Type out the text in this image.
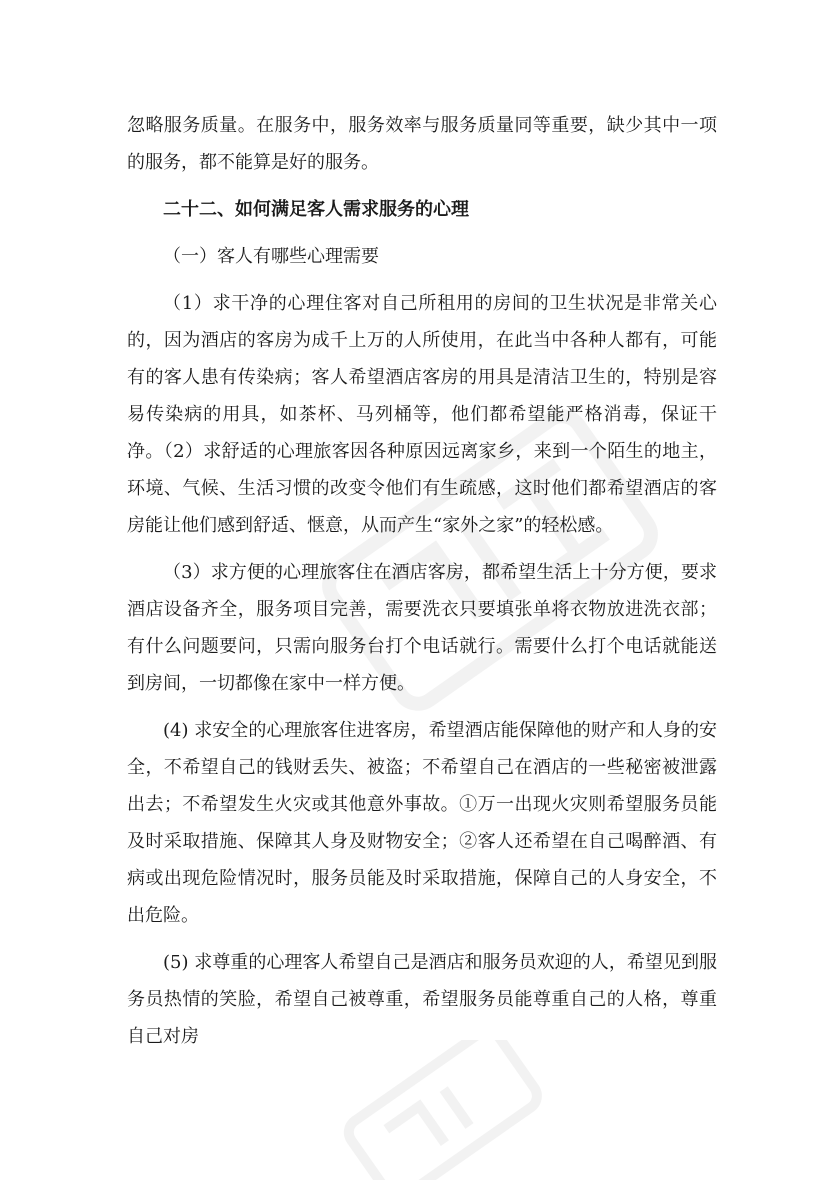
忽略服务质量。在服务中，服务效率与服务质量同等重要，缺少其中一项的服务，都不能算是好的服务。

二十二、如何满足客人需求服务的心理

（一）客人有哪些心理需要

（1）求干净的心理住客对自己所租用的房间的卫生状况是非常关心的，因为酒店的客房为成千上万的人所使用，在此当中各种人都有，可能有的客人患有传染病；客人希望酒店客房的用具是清洁卫生的，特别是容易传染病的用具，如茶杯、马列桶等，他们都希望能严格消毒，保证干净。（2）求舒适的心理旅客因各种原因远离家乡，来到一个陌生的地主，环境、气候、生活习惯的改变令他们有生疏感，这时他们都希望酒店的客房能让他们感到舒适、惬意，从而产生“家外之家”的轻松感。

（3）求方便的心理旅客住在酒店客房，都希望生活上十分方便，要求酒店设备齐全，服务项目完善，需要洗衣只要填张单将衣物放进洗衣部；有什么问题要问，只需向服务台打个电话就行。需要什么打个电话就能送到房间，一切都像在家中一样方便。

(4) 求安全的心理旅客住进客房，希望酒店能保障他的财产和人身的安全，不希望自己的钱财丢失、被盗；不希望自己在酒店的一些秘密被泄露出去；不希望发生火灾或其他意外事故。①万一出现火灾则希望服务员能及时采取措施、保障其人身及财物安全；②客人还希望在自己喝醉酒、有病或出现危险情况时，服务员能及时采取措施，保障自己的人身安全，不出危险。

(5) 求尊重的心理客人希望自己是酒店和服务员欢迎的人，希望见到服务员热情的笑脸，希望自己被尊重，希望服务员能尊重自己的人格，尊重自己对房
